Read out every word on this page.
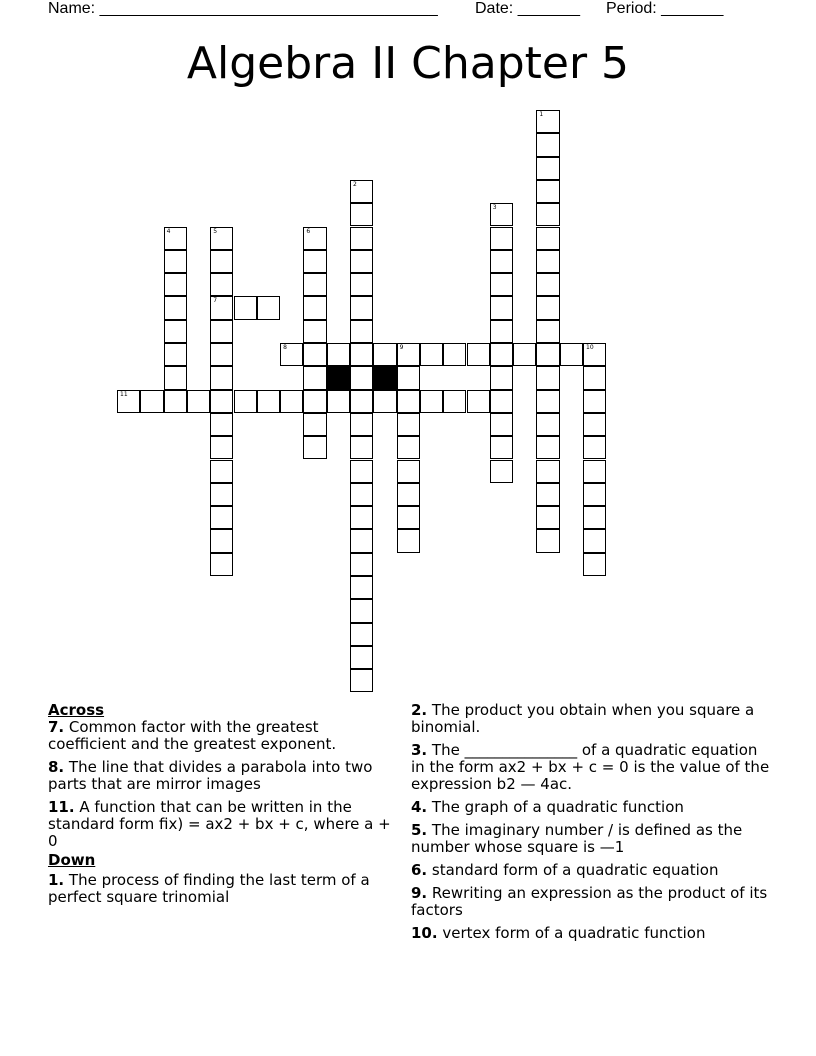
Name: ______________________________________

Date: _______

Period: _______

Algebra II Chapter 5
1
2
3
4	5
7
6
8	9	10
11
Across
7. Common factor with the greatest coefficient and the greatest exponent.
8. The line that divides a parabola into two parts that are mirror images
11. A function that can be written in the standard form fix) = ax2 + bx + c, where a + 0
Down
1. The process of finding the last term of a perfect square trinomial
2. The product you obtain when you square a binomial.
3. The _______________ of a quadratic equation in the form ax2 + bx + c = 0 is the value of the expression b2 — 4ac.
4. The graph of a quadratic function
5. The imaginary number / is defined as the number whose square is —1
6. standard form of a quadratic equation
9. Rewriting an expression as the product of its factors
10. vertex form of a quadratic function
